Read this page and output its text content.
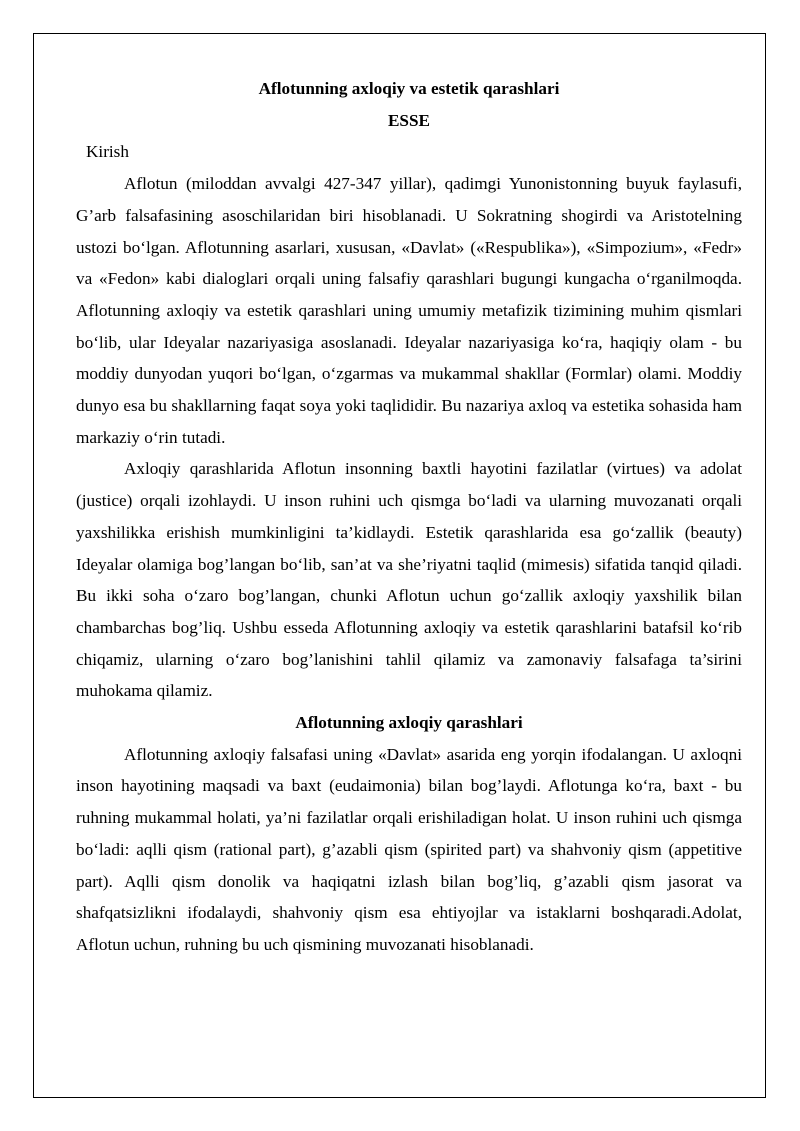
Aflotunning axloqiy va estetik qarashlari

ESSE

Kirish

Aflotun (miloddan avvalgi 427-347 yillar), qadimgi Yunonistonning buyuk faylasufi, G’arb falsafasining asoschilaridan biri hisoblanadi. U Sokratning shogirdi va Aristotelning ustozi bo‘lgan. Aflotunning asarlari, xususan, «Davlat» («Respublika»), «Simpozium», «Fedr» va «Fedon» kabi dialoglari orqali uning falsafiy qarashlari bugungi kungacha o‘rganilmoqda. Aflotunning axloqiy va estetik qarashlari uning umumiy metafizik tizimining muhim qismlari bo‘lib, ular Ideyalar nazariyasiga asoslanadi. Ideyalar nazariyasiga ko‘ra, haqiqiy olam - bu moddiy dunyodan yuqori bo‘lgan, o‘zgarmas va mukammal shakllar (Formlar) olami. Moddiy dunyo esa bu shakllarning faqat soya yoki taqlididir. Bu nazariya axloq va estetika sohasida ham markaziy o‘rin tutadi.

Axloqiy qarashlarida Aflotun insonning baxtli hayotini fazilatlar (virtues) va adolat (justice) orqali izohlaydi. U inson ruhini uch qismga bo‘ladi va ularning muvozanati orqali yaxshilikka erishish mumkinligini ta’kidlaydi. Estetik qarashlarida esa go‘zallik (beauty) Ideyalar olamiga bog’langan bo‘lib, san’at va she’riyatni taqlid (mimesis) sifatida tanqid qiladi. Bu ikki soha o‘zaro bog’langan, chunki Aflotun uchun go‘zallik axloqiy yaxshilik bilan chambarchas bog’liq. Ushbu esseda Aflotunning axloqiy va estetik qarashlarini batafsil ko‘rib chiqamiz, ularning o‘zaro bog’lanishini tahlil qilamiz va zamonaviy falsafaga ta’sirini muhokama qilamiz.

Aflotunning axloqiy qarashlari

Aflotunning axloqiy falsafasi uning «Davlat» asarida eng yorqin ifodalangan. U axloqni inson hayotining maqsadi va baxt (eudaimonia) bilan bog’laydi. Aflotunga ko‘ra, baxt - bu ruhning mukammal holati, ya’ni fazilatlar orqali erishiladigan holat. U inson ruhini uch qismga bo‘ladi: aqlli qism (rational part), g’azabli qism (spirited part) va shahvoniy qism (appetitive part). Aqlli qism donolik va haqiqatni izlash bilan bog’liq, g’azabli qism jasorat va shafqatsizlikni ifodalaydi, shahvoniy qism esa ehtiyojlar va istaklarni boshqaradi.Adolat, Aflotun uchun, ruhning bu uch qismining muvozanati hisoblanadi.
